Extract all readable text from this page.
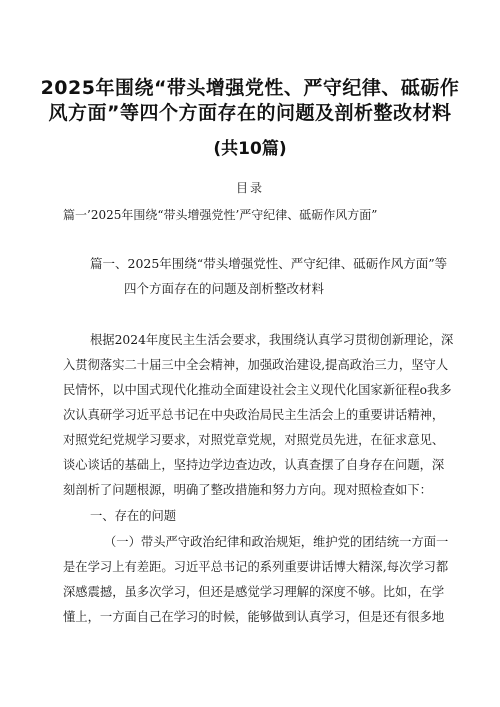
2025年围绕“带头增强党性、严守纪律、砥砺作
风方面”等四个方面存在的问题及剖析整改材料
(共10篇)
目录
篇一’2025年围绕“带头增强党性’严守纪律、砥砺作风方面”
篇一、2025年围绕“带头增强党性、严守纪律、砥砺作风方面”等
四个方面存在的问题及剖析整改材料
根据2024年度民主生活会要求，我围绕认真学习贯彻创新理论，深
入贯彻落实二十届三中全会精神，加强政治建设,提高政治三力，坚守人
民情怀，以中国式现代化推动全面建设社会主义现代化国家新征程o我多
次认真研学习近平总书记在中央政治局民主生活会上的重要讲话精神，
对照党纪党规学习要求，对照党章党规，对照党员先进，在征求意见、
谈心谈话的基础上，坚持边学边查边改，认真查摆了自身存在问题，深
刻剖析了问题根源，明确了整改措施和努力方向。现对照检查如下：
一、存在的问题
（一）带头严守政治纪律和政治规矩，维护党的团结统一方面一
是在学习上有差距。习近平总书记的系列重要讲话博大精深,每次学习都
深感震撼，虽多次学习，但还是感觉学习理解的深度不够。比如，在学
懂上，一方面自己在学习的时候，能够做到认真学习，但是还有很多地
